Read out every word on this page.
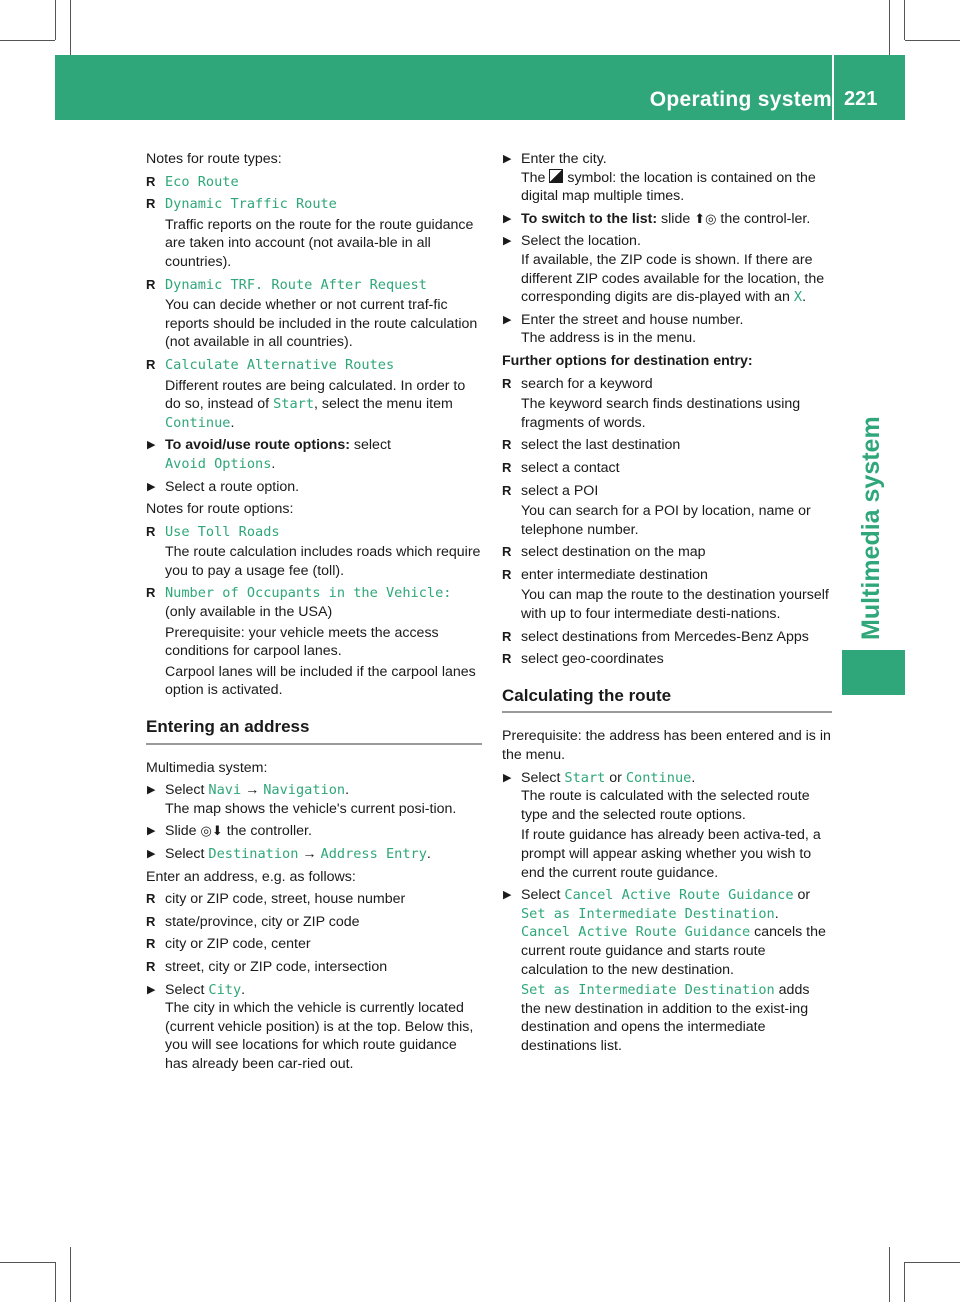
Operating system 221
Multimedia system

Notes for route types:

R Eco Route
R Dynamic Traffic Route

Traffic reports on the route for the route guidance are taken into account (not availa-ble in all countries).

R Dynamic TRF. Route After Request

You can decide whether or not current traf-fic reports should be included in the route calculation (not available in all countries).

R Calculate Alternative Routes

Different routes are being calculated. In order to do so, instead of Start, select the menu item Continue.

▶ To avoid/use route options: select
Avoid Options.
▶ Select a route option.

Notes for route options:

R Use Toll Roads

The route calculation includes roads which require you to pay a usage fee (toll).

R Number of Occupants in the Vehicle:

(only available in the USA)

Prerequisite: your vehicle meets the access conditions for carpool lanes.

Carpool lanes will be included if the carpool lanes option is activated.

Entering an address

Multimedia system:

▶ Select Navi → Navigation.

The map shows the vehicle's current posi-tion.

▶ Slide ◎⬇ the controller.
▶ Select Destination → Address Entry.

Enter an address, e.g. as follows:

R city or ZIP code, street, house number
R state/province, city or ZIP code
R city or ZIP code, center
R street, city or ZIP code, intersection
▶ Select City.

The city in which the vehicle is currently located (current vehicle position) is at the top. Below this, you will see locations for which route guidance has already been car-ried out.

▶ Enter the city.

The symbol: the location is contained on the digital map multiple times.

▶ To switch to the list: slide ⬆◎ the control-ler.
▶ Select the location.

If available, the ZIP code is shown. If there are different ZIP codes available for the location, the corresponding digits are dis-played with an X.

▶ Enter the street and house number.

The address is in the menu.

Further options for destination entry:

R search for a keyword

The keyword search finds destinations using fragments of words.

R select the last destination
R select a contact
R select a POI

You can search for a POI by location, name or telephone number.

R select destination on the map
R enter intermediate destination

You can map the route to the destination yourself with up to four intermediate desti-nations.

R select destinations from Mercedes-Benz Apps
R select geo-coordinates
Calculating the route

Prerequisite: the address has been entered and is in the menu.

▶ Select Start or Continue.

The route is calculated with the selected route type and the selected route options.

If route guidance has already been activa-ted, a prompt will appear asking whether you wish to end the current route guidance.

▶ Select Cancel Active Route Guidance or
Set as Intermediate Destination.

Cancel Active Route Guidance cancels the current route guidance and starts route calculation to the new destination.

Set as Intermediate Destination adds the new destination in addition to the exist-ing destination and opens the intermediate destinations list.
